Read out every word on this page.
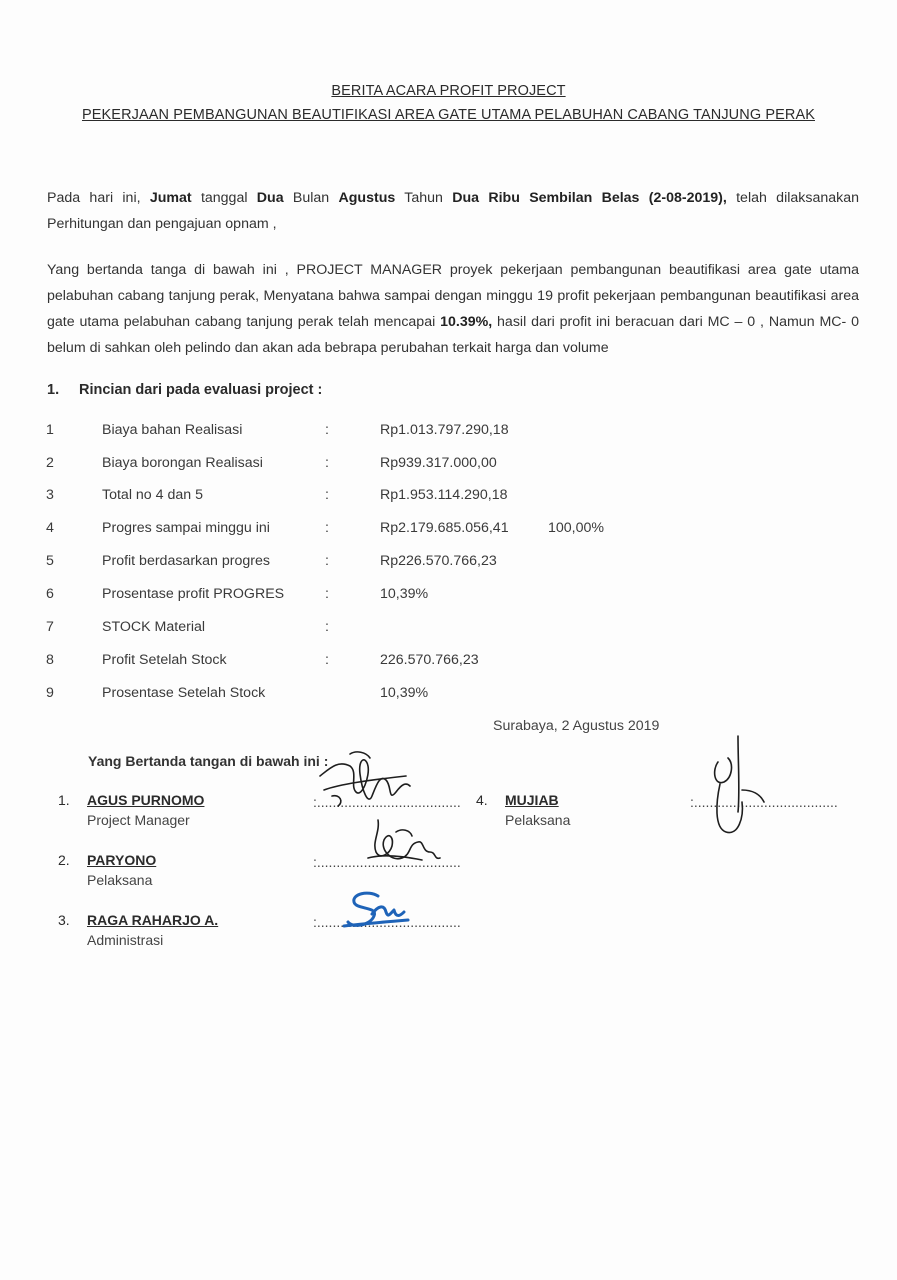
BERITA ACARA PROFIT PROJECT
PEKERJAAN PEMBANGUNAN BEAUTIFIKASI AREA GATE UTAMA PELABUHAN CABANG TANJUNG PERAK
Pada hari ini, Jumat tanggal Dua Bulan Agustus Tahun Dua Ribu Sembilan Belas (2-08-2019), telah dilaksanakan Perhitungan dan pengajuan opnam ,
Yang bertanda tanga di bawah ini , PROJECT MANAGER proyek pekerjaan pembangunan beautifikasi area gate utama pelabuhan cabang tanjung perak, Menyatana bahwa sampai dengan minggu 19 profit pekerjaan pembangunan beautifikasi area gate utama pelabuhan cabang tanjung perak telah mencapai 10.39%, hasil dari profit ini beracuan dari MC – 0 , Namun MC- 0 belum di sahkan oleh pelindo dan akan ada bebrapa perubahan terkait harga dan volume
1. Rincian dari pada evaluasi project :
1	Biaya bahan Realisasi	:	Rp1.013.797.290,18
2	Biaya borongan Realisasi	:	Rp939.317.000,00
3	Total no 4 dan 5	:	Rp1.953.114.290,18
4	Progres sampai minggu ini	:	Rp2.179.685.056,41	100,00%
5	Profit berdasarkan progres	:	Rp226.570.766,23
6	Prosentase profit PROGRES	:	10,39%
7	STOCK Material	:
8	Profit Setelah Stock	:	226.570.766,23
9	Prosentase Setelah Stock	10,39%
Surabaya, 2 Agustus 2019
Yang Bertanda tangan di bawah ini :
1. AGUS PURNOMO
Project Manager
:.....................................
2. PARYONO
Pelaksana
:.....................................
3. RAGA RAHARJO A.
Administrasi
:.....................................
4. MUJIAB
Pelaksana
:.....................................
